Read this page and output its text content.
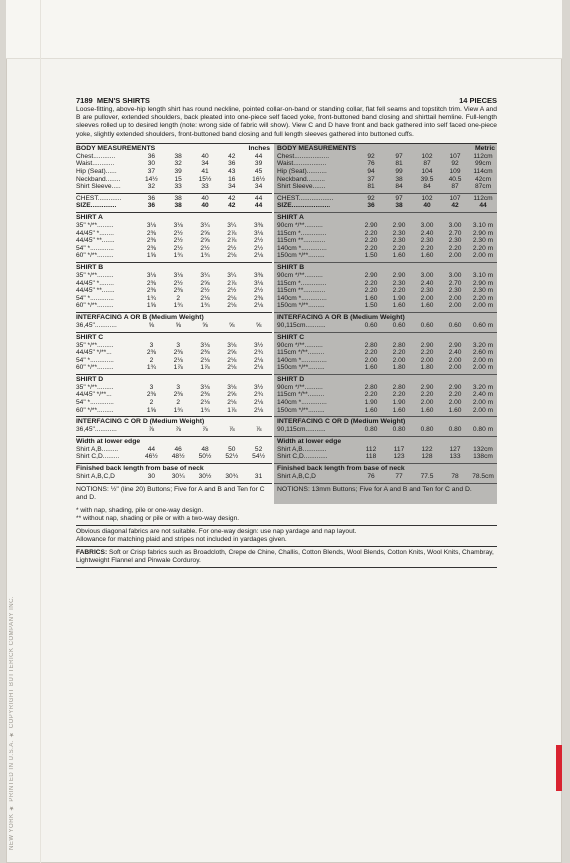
NEW YORK ★ PRINTED IN U.S.A. ★ COPYRIGHT BUTTERICK COMPANY INC.
7189 MEN'S SHIRTS	14 PIECES
Loose-fitting, above-hip length shirt has round neckline, pointed collar-on-band or standing collar, flat fell seams and topstitch trim. View A and B are pullover, extended shoulders, back pleated into one-piece self faced yoke, front-buttoned band closing and shirttail hemline. Full-length sleeves rolled up to desired length (note: wrong side of fabric will show). View C and D have front and back gathered into self faced one-piece yoke, slightly extended shoulders, front-buttoned band closing and full length sleeves gathered into buttoned cuffs.
BODY MEASUREMENTS	Inches
Chest............	36	38	40	42	44
Waist............	30	32	34	36	39
Hip (Seat)......	37	39	41	43	45
Neckband........	14½	15	15½	16	16½
Shirt Sleeve.....	32	33	33	34	34
CHEST.............	36	38	40	42	44
SIZE..............	36	38	40	42	44
SHIRT A
35" */**.........	3⅛	3⅛	3¼	3¼	3⅜
44/45" *........	2⅜	2½	2⅝	2⅞	3⅛
44/45" **.......	2⅜	2½	2⅝	2⅞	2½
54" *.............	2⅜	2½	2½	2½	2½
60" */**.........	1⅝	1¾	1¾	2⅛	2⅛
SHIRT B
35" */**.........	3⅛	3⅛	3¼	3¼	3⅜
44/45" *........	2⅜	2½	2⅝	2⅞	3⅛
44/45" **.......	2⅜	2⅜	2½	2½	2½
54" *.............	1¾	2	2⅛	2⅛	2⅜
60" */**.........	1⅝	1¾	1¾	2⅛	2⅛
INTERFACING A OR B (Medium Weight)
36,45"............	⅝	⅝	⅝	⅝	⅝
SHIRT C
35" */**.........	3	3	3⅛	3⅛	3½
44/45" */**...	2⅜	2⅜	2⅜	2⅝	2¾
54" *.............	2	2⅛	2⅛	2⅛	2⅛
60" */**.........	1¾	1⅞	1⅞	2⅛	2⅛
SHIRT D
35" */**.........	3	3	3⅛	3⅛	3½
44/45" */**...	2⅜	2⅜	2⅜	2⅝	2¾
54" *.............	2	2	2⅛	2⅛	2⅛
60" */**.........	1⅝	1¾	1¾	1⅞	2⅛
INTERFACING C OR D (Medium Weight)
36,45"............	⅞	⅞	⅞	⅞	⅞
Width at lower edge
Shirt A,B.........	44	46	48	50	52
Shirt C,D.........	46½	48½	50½	52½	54½
Finished back length from base of neck
Shirt A,B,C,D	30	30¼	30½	30¾	31
NOTIONS: ½" (line 20) Buttons; Five for A and B and Ten for C and D.
BODY MEASUREMENTS	Metric
Chest...................	92	97	102	107	112cm
Waist..................	76	81	87	92	99cm
Hip (Seat)...........	94	99	104	109	114cm
Neckband..........	37	38	39.5	40.5	42cm
Shirt Sleeve.......	81	84	84	87	87cm
CHEST...................	92	97	102	107	112cm
SIZE.....................	36	38	40	42	44
SHIRT A
90cm */**..........	2.90	2.90	3.00	3.00	3.10 m
115cm *..............	2.20	2.30	2.40	2.70	2.90 m
115cm **............	2.20	2.30	2.30	2.30	2.30 m
140cm *..............	2.20	2.20	2.20	2.20	2.20 m
150cm */**.........	1.50	1.60	1.60	2.00	2.00 m
SHIRT B
90cm */**..........	2.90	2.90	3.00	3.00	3.10 m
115cm *..............	2.20	2.30	2.40	2.70	2.90 m
115cm **............	2.20	2.20	2.30	2.30	2.30 m
140cm *..............	1.60	1.90	2.00	2.00	2.20 m
150cm */**.........	1.50	1.60	1.60	2.00	2.00 m
INTERFACING A OR B (Medium Weight)
90,115cm...........	0.60	0.60	0.60	0.60	0.60 m
SHIRT C
90cm */**..........	2.80	2.80	2.90	2.90	3.20 m
115cm */**.........	2.20	2.20	2.20	2.40	2.60 m
140cm *..............	2.00	2.00	2.00	2.00	2.00 m
150cm */**.........	1.60	1.80	1.80	2.00	2.00 m
SHIRT D
90cm */**..........	2.80	2.80	2.90	2.90	3.20 m
115cm */**.........	2.20	2.20	2.20	2.20	2.40 m
140cm *..............	1.90	1.90	2.00	2.00	2.00 m
150cm */**.........	1.60	1.60	1.60	1.60	2.00 m
INTERFACING C OR D (Medium Weight)
90,115cm...........	0.80	0.80	0.80	0.80	0.80 m
Width at lower edge
Shirt A,B.............	112	117	122	127	132cm
Shirt C,D.............	118	123	128	133	138cm
Finished back length from base of neck
Shirt A,B,C,D	76	77	77.5	78	78.5cm
NOTIONS: 13mm Buttons; Five for A and B and Ten for C and D.
* with nap, shading, pile or one-way design.
** without nap, shading or pile or with a two-way design.
Obvious diagonal fabrics are not suitable. For one-way design: use nap yardage and nap layout.
Allowance for matching plaid and stripes not included in yardages given.
FABRICS: Soft or Crisp fabrics such as Broadcloth, Crepe de Chine, Challis, Cotton Blends, Wool Blends, Cotton Knits, Wool Knits, Chambray, Lightweight Flannel and Pinwale Corduroy.
